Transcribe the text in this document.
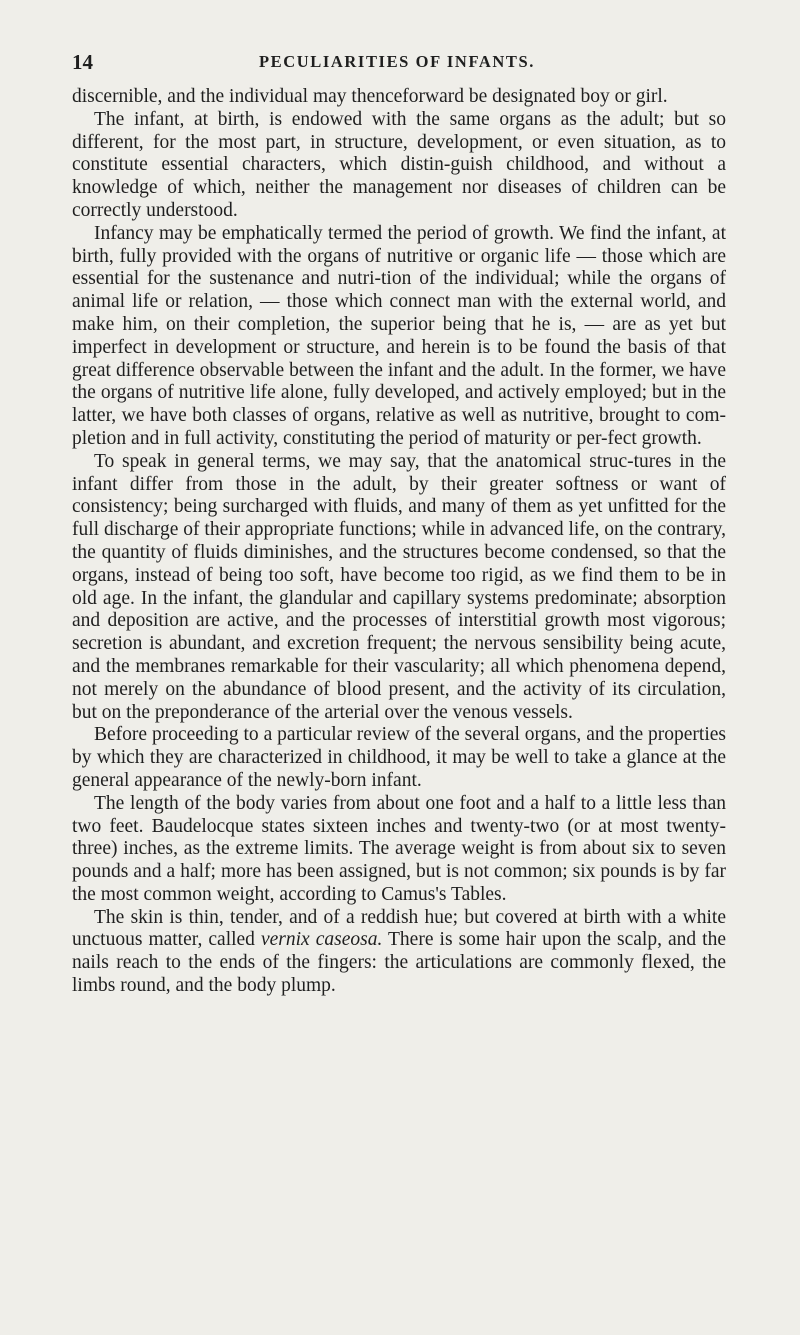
14	PECULIARITIES OF INFANTS.

discernible, and the individual may thenceforward be designated boy or girl.

The infant, at birth, is endowed with the same organs as the adult; but so different, for the most part, in structure, development, or even situation, as to constitute essential characters, which distin-guish childhood, and without a knowledge of which, neither the management nor diseases of children can be correctly understood.

Infancy may be emphatically termed the period of growth. We find the infant, at birth, fully provided with the organs of nutritive or organic life — those which are essential for the sustenance and nutri-tion of the individual; while the organs of animal life or relation, — those which connect man with the external world, and make him, on their completion, the superior being that he is, — are as yet but imperfect in development or structure, and herein is to be found the basis of that great difference observable between the infant and the adult. In the former, we have the organs of nutritive life alone, fully developed, and actively employed; but in the latter, we have both classes of organs, relative as well as nutritive, brought to com-pletion and in full activity, constituting the period of maturity or per-fect growth.

To speak in general terms, we may say, that the anatomical struc-tures in the infant differ from those in the adult, by their greater softness or want of consistency; being surcharged with fluids, and many of them as yet unfitted for the full discharge of their appropriate functions; while in advanced life, on the contrary, the quantity of fluids diminishes, and the structures become condensed, so that the organs, instead of being too soft, have become too rigid, as we find them to be in old age. In the infant, the glandular and capillary systems predominate; absorption and deposition are active, and the processes of interstitial growth most vigorous; secretion is abundant, and excretion frequent; the nervous sensibility being acute, and the membranes remarkable for their vascularity; all which phenomena depend, not merely on the abundance of blood present, and the activity of its circulation, but on the preponderance of the arterial over the venous vessels.

Before proceeding to a particular review of the several organs, and the properties by which they are characterized in childhood, it may be well to take a glance at the general appearance of the newly-born infant.

The length of the body varies from about one foot and a half to a little less than two feet. Baudelocque states sixteen inches and twenty-two (or at most twenty-three) inches, as the extreme limits. The average weight is from about six to seven pounds and a half; more has been assigned, but is not common; six pounds is by far the most common weight, according to Camus's Tables.

The skin is thin, tender, and of a reddish hue; but covered at birth with a white unctuous matter, called vernix caseosa. There is some hair upon the scalp, and the nails reach to the ends of the fingers: the articulations are commonly flexed, the limbs round, and the body plump.
